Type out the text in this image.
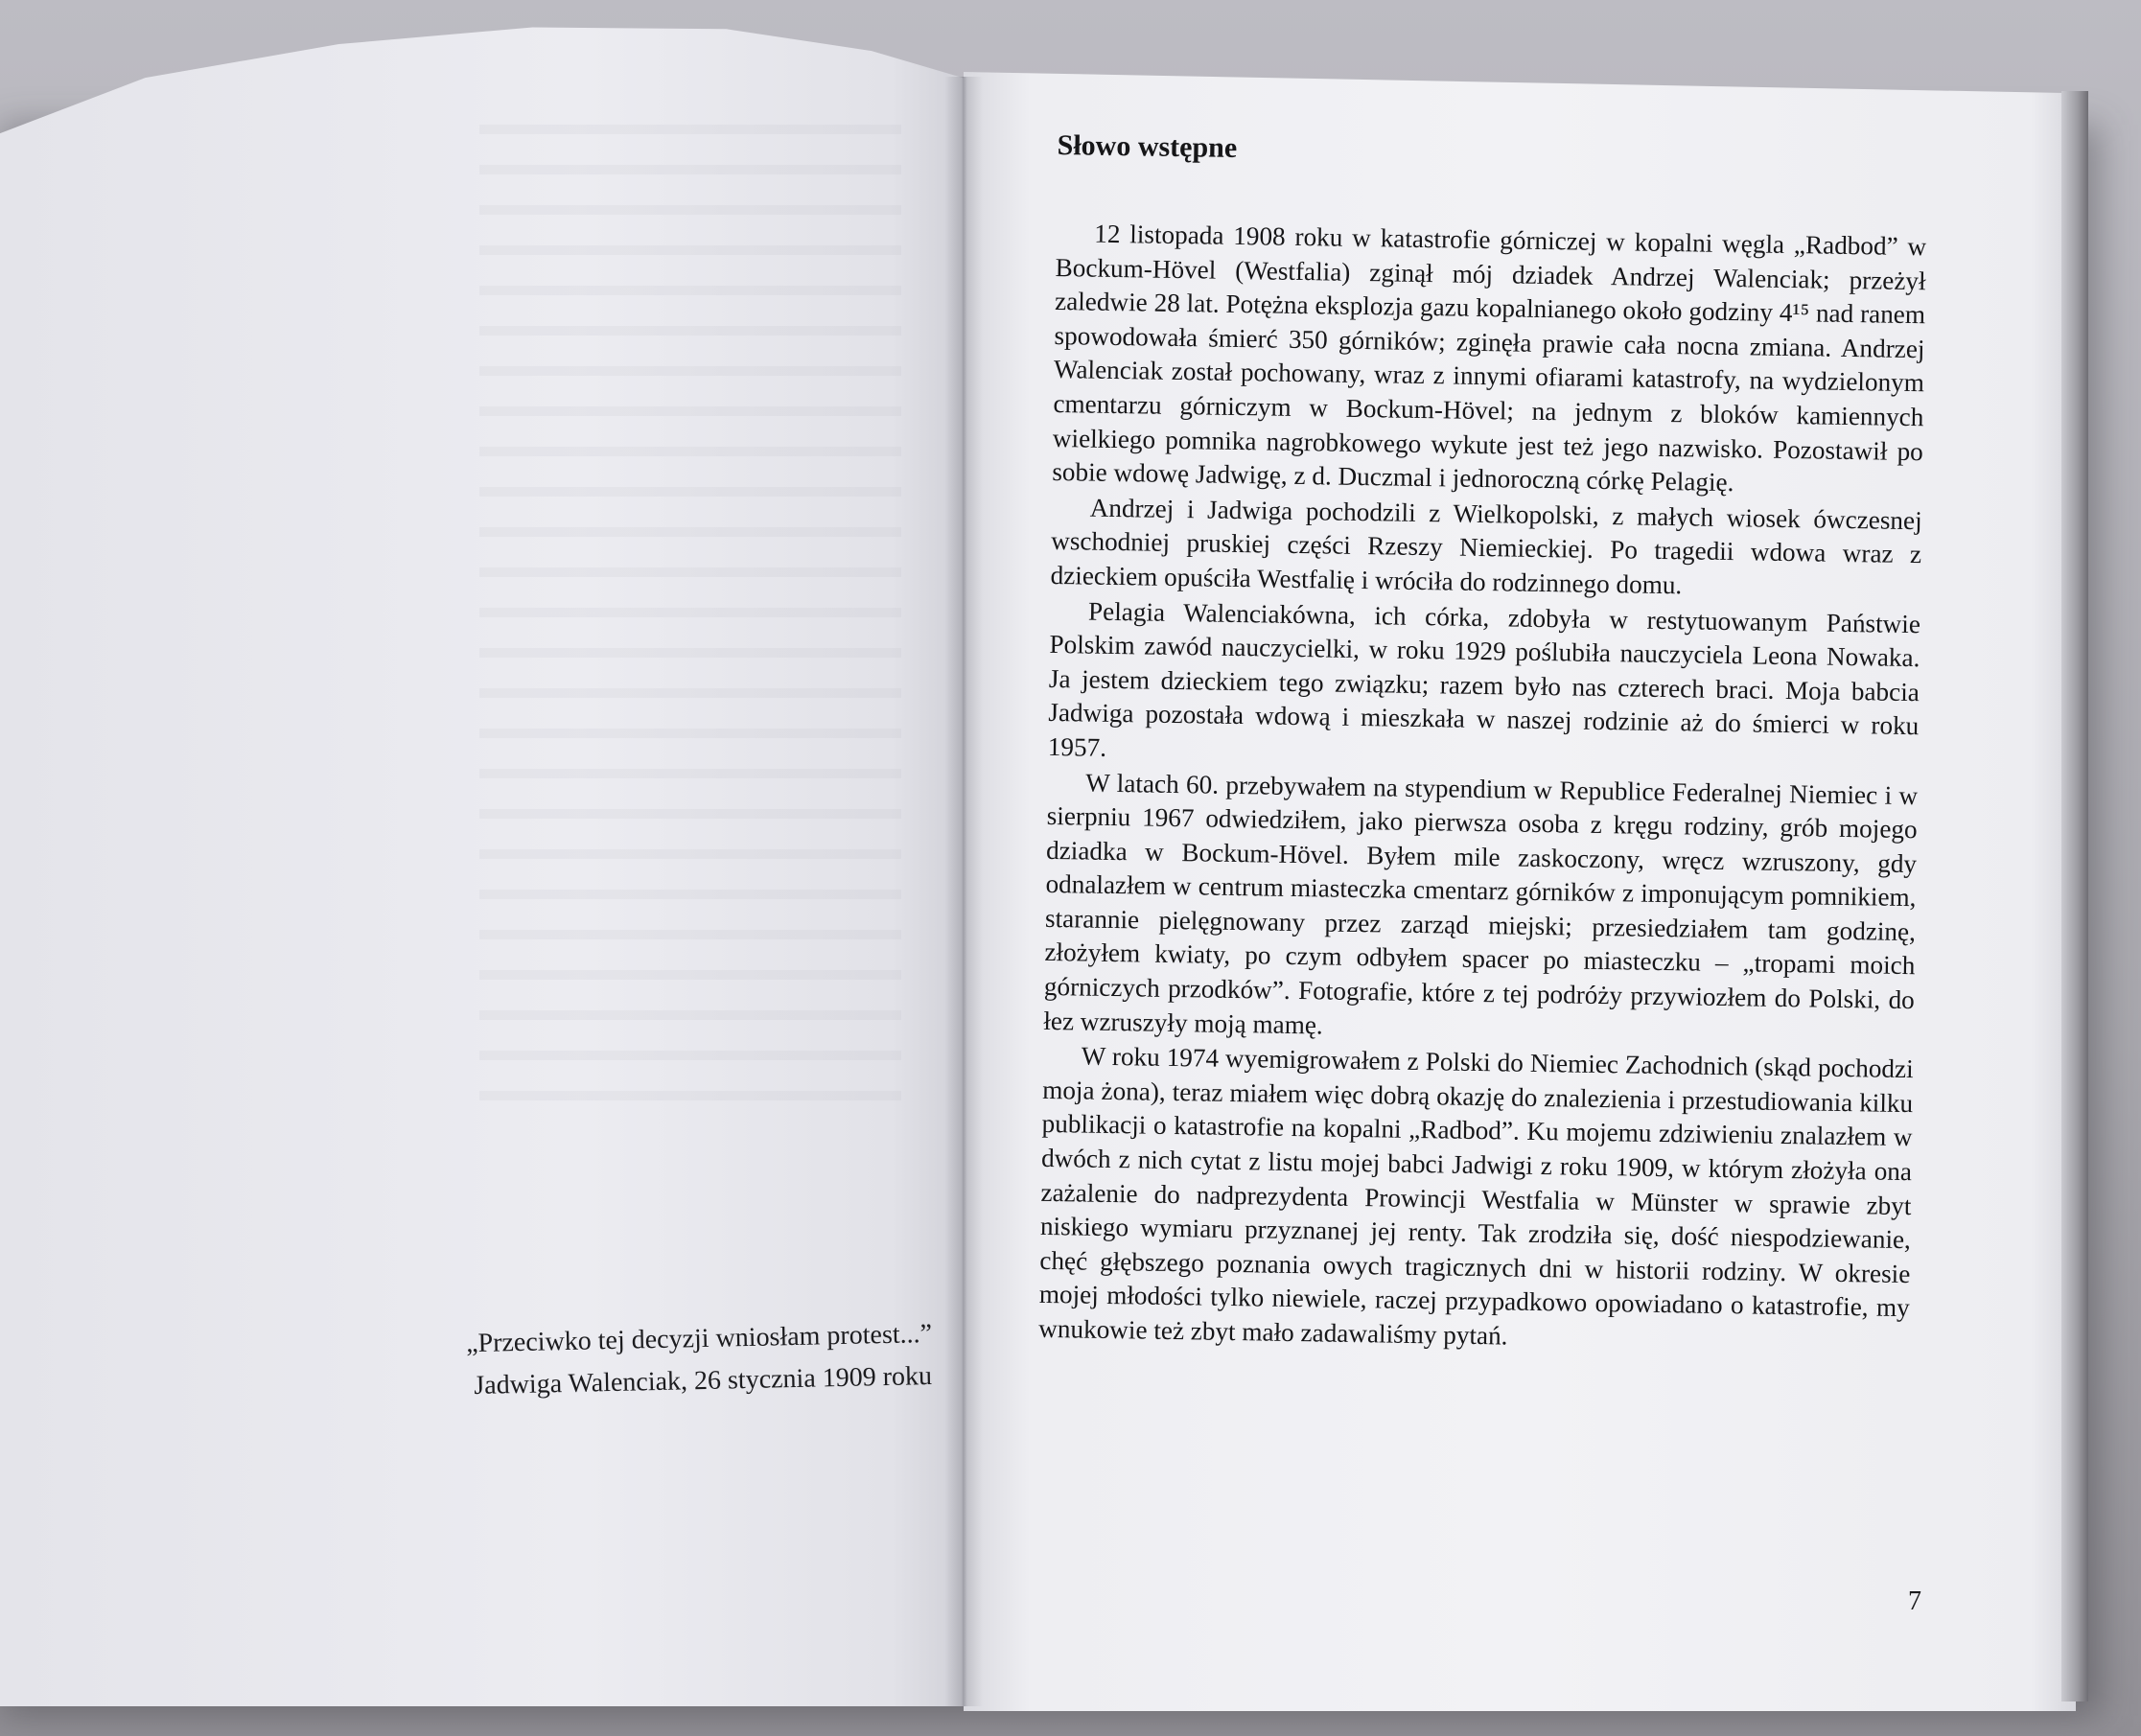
„Przeciwko tej decyzji wniosłam protest...”
Jadwiga Walenciak, 26 stycznia 1909 roku
Słowo wstępne

12 listopada 1908 roku w katastrofie górniczej w kopalni węgla „Radbod” w Bockum-Hövel (Westfalia) zginął mój dziadek Andrzej Walenciak; przeżył zaledwie 28 lat. Potężna eksplozja gazu kopalnianego około godziny 4¹⁵ nad ranem spowodowała śmierć 350 górników; zginęła prawie cała nocna zmiana. Andrzej Walenciak został pochowany, wraz z innymi ofiarami katastrofy, na wydzielonym cmentarzu górniczym w Bockum-Hövel; na jednym z bloków kamiennych wielkiego pomnika nagrobkowego wykute jest też jego nazwisko. Pozostawił po sobie wdowę Jadwigę, z d. Duczmal i jednoroczną córkę Pelagię.

Andrzej i Jadwiga pochodzili z Wielkopolski, z małych wiosek ówczesnej wschodniej pruskiej części Rzeszy Niemieckiej. Po tragedii wdowa wraz z dzieckiem opuściła Westfalię i wróciła do rodzinnego domu.

Pelagia Walenciakówna, ich córka, zdobyła w restytuowanym Państwie Polskim zawód nauczycielki, w roku 1929 poślubiła nauczyciela Leona Nowaka. Ja jestem dzieckiem tego związku; razem było nas czterech braci. Moja babcia Jadwiga pozostała wdową i mieszkała w naszej rodzinie aż do śmierci w roku 1957.

W latach 60. przebywałem na stypendium w Republice Federalnej Niemiec i w sierpniu 1967 odwiedziłem, jako pierwsza osoba z kręgu rodziny, grób mojego dziadka w Bockum-Hövel. Byłem mile zaskoczony, wręcz wzruszony, gdy odnalazłem w centrum miasteczka cmentarz górników z imponującym pomnikiem, starannie pielęgnowany przez zarząd miejski; przesiedziałem tam godzinę, złożyłem kwiaty, po czym odbyłem spacer po miasteczku – „tropami moich górniczych przodków”. Fotografie, które z tej podróży przywiozłem do Polski, do łez wzruszyły moją mamę.

W roku 1974 wyemigrowałem z Polski do Niemiec Zachodnich (skąd pochodzi moja żona), teraz miałem więc dobrą okazję do znalezienia i przestudiowania kilku publikacji o katastrofie na kopalni „Radbod”. Ku mojemu zdziwieniu znalazłem w dwóch z nich cytat z listu mojej babci Jadwigi z roku 1909, w którym złożyła ona zażalenie do nadprezydenta Prowincji Westfalia w Münster w sprawie zbyt niskiego wymiaru przyznanej jej renty. Tak zrodziła się, dość niespodziewanie, chęć głębszego poznania owych tragicznych dni w historii rodziny. W okresie mojej młodości tylko niewiele, raczej przypadkowo opowiadano o katastrofie, my wnukowie też zbyt mało zadawaliśmy pytań.

7
